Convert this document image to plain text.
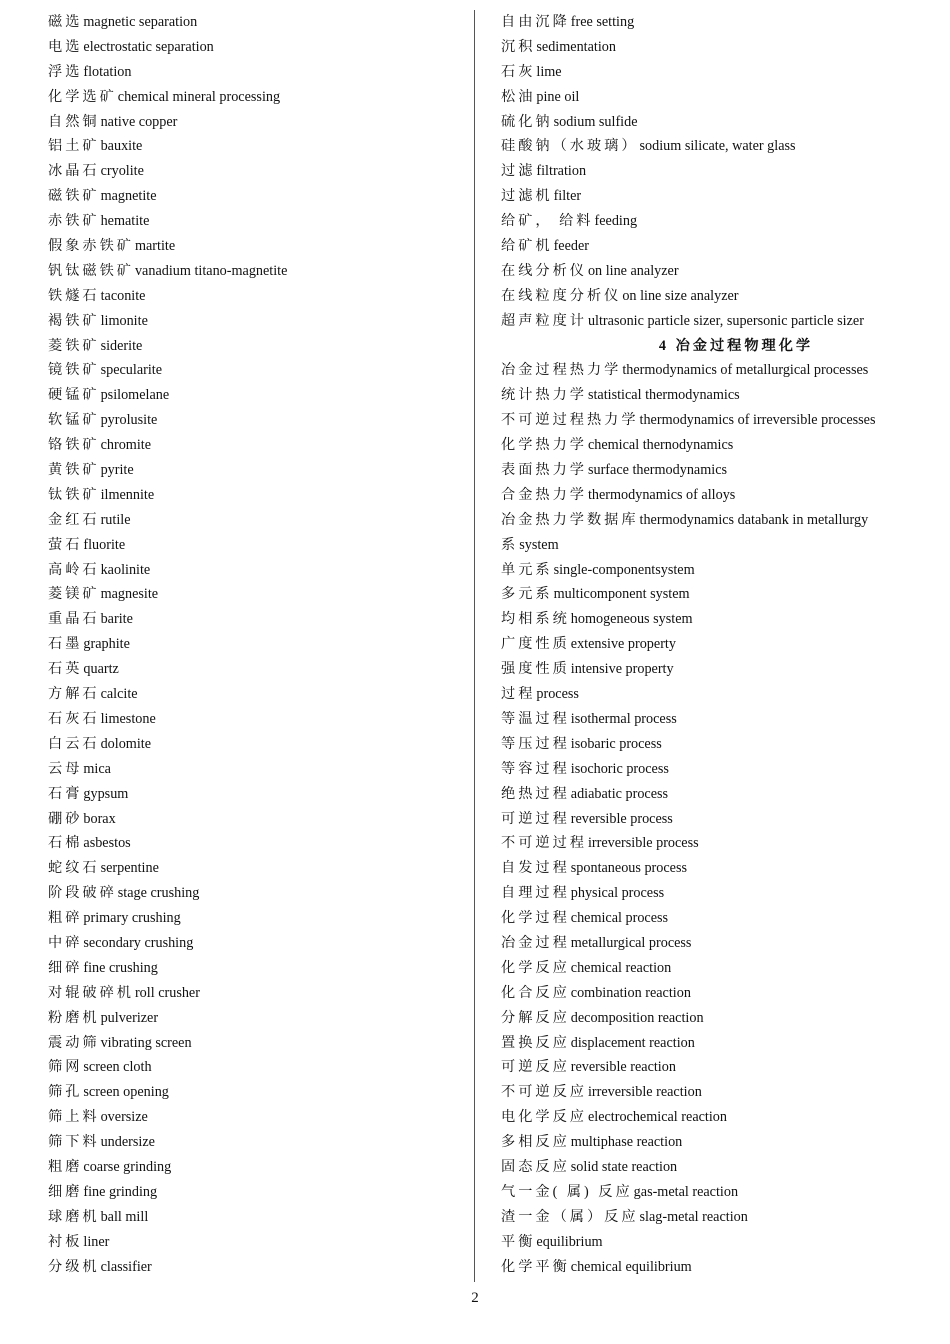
磁选magnetic separation
电选electrostatic separation
浮选flotation
化学选矿chemical mineral processing
自然铜native copper
铝土矿bauxite
冰晶石cryolite
磁铁矿magnetite
赤铁矿hematite
假象赤铁矿martite
钒钛磁铁矿vanadium titano-magnetite
铁燧石taconite
褐铁矿limonite
菱铁矿siderite
镜铁矿specularite
硬锰矿psilomelane
软锰矿pyrolusite
铬铁矿chromite
黄铁矿pyrite
钛铁矿ilmennite
金红石rutile
萤石fluorite
高岭石kaolinite
菱镁矿magnesite
重晶石barite
石墨graphite
石英quartz
方解石calcite
石灰石limestone
白云石dolomite
云母mica
石膏gypsum
硼砂borax
石棉asbestos
蛇纹石serpentine
阶段破碎stage crushing
粗碎primary crushing
中碎secondary crushing
细碎fine crushing
对辊破碎机roll crusher
粉磨机pulverizer
震动筛vibrating screen
筛网screen cloth
筛孔screen opening
筛上料oversize
筛下料undersize
粗磨coarse grinding
细磨fine grinding
球磨机ball mill
衬板liner
分级机classifier
自由沉降free setting
沉积sedimentation
石灰lime
松油pine oil
硫化钠sodium sulfide
硅酸钠（水玻璃）sodium silicate, water glass
过滤filtration
过滤机filter
给矿， 给料feeding
给矿机feeder
在线分析仪on line analyzer
在线粒度分析仪on line size analyzer
超声粒度计ultrasonic particle sizer, supersonic particle sizer
4 冶金过程物理化学
冶金过程热力学thermodynamics of metallurgical processes
统计热力学statistical thermodynamics
不可逆过程热力学thermodynamics of irreversible processes
化学热力学chemical thernodynamics
表面热力学surface thermodynamics
合金热力学thermodynamics of alloys
冶金热力学数据库thermodynamics databank in metallurgy
系system
单元系single-componentsystem
多元系multicomponent system
均相系统homogeneous system
广度性质extensive property
强度性质intensive property
过程process
等温过程isothermal process
等压过程isobaric process
等容过程isochoric process
绝热过程adiabatic process
可逆过程reversible process
不可逆过程irreversible process
自发过程spontaneous process
自理过程physical process
化学过程chemical process
冶金过程metallurgical process
化学反应chemical reaction
化合反应combination reaction
分解反应decomposition reaction
置换反应displacement reaction
可逆反应reversible reaction
不可逆反应irreversible reaction
电化学反应electrochemical reaction
多相反应multiphase reaction
固态反应solid state reaction
气一金( 属) 反应gas-metal reaction
渣一金（属）反应slag-metal reaction
平衡equilibrium
化学平衡chemical equilibrium
2
